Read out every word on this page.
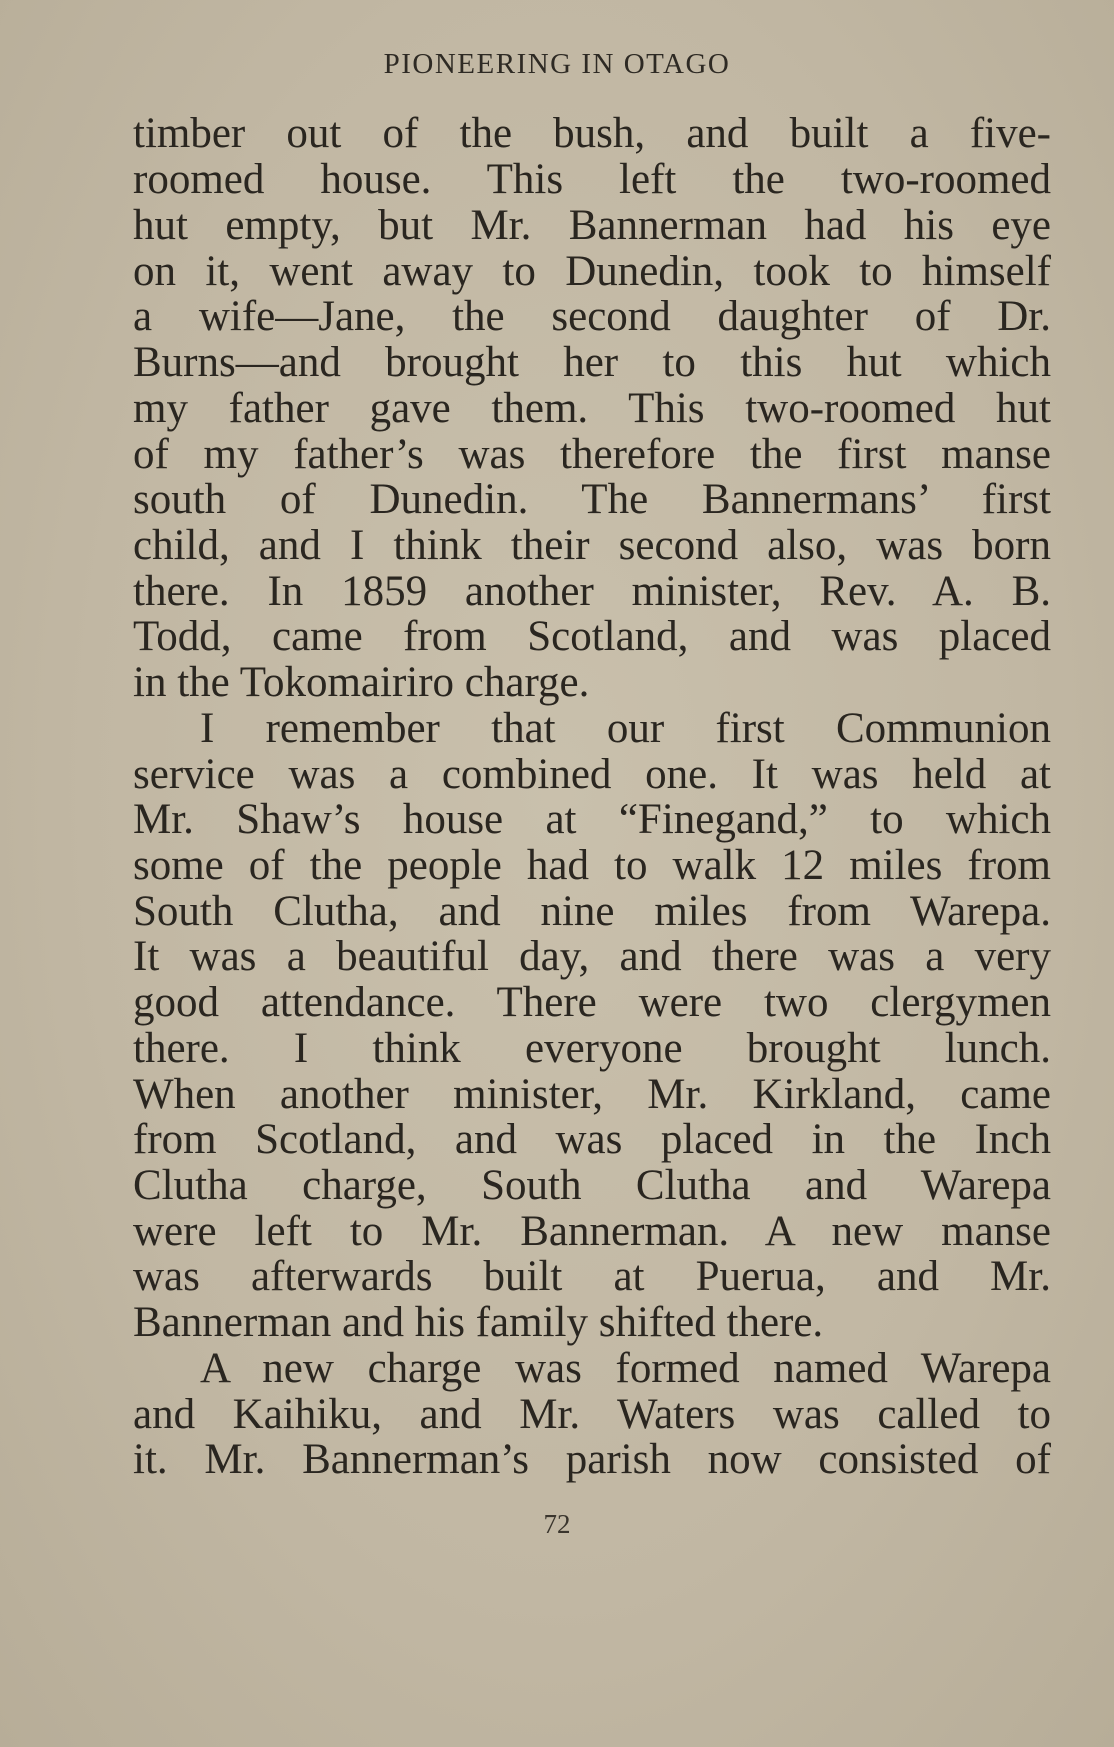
PIONEERING IN OTAGO
timber out of the bush, and built a five-
roomed house. This left the two-roomed
hut empty, but Mr. Bannerman had his eye
on it, went away to Dunedin, took to himself
a wife—Jane, the second daughter of Dr.
Burns—and brought her to this hut which
my father gave them. This two-roomed hut
of my father’s was therefore the first manse
south of Dunedin. The Bannermans’ first
child, and I think their second also, was born
there. In 1859 another minister, Rev. A. B.
Todd, came from Scotland, and was placed
in the Tokomairiro charge.
I remember that our first Communion
service was a combined one. It was held at
Mr. Shaw’s house at “Finegand,” to which
some of the people had to walk 12 miles from
South Clutha, and nine miles from Warepa.
It was a beautiful day, and there was a very
good attendance. There were two clergymen
there. I think everyone brought lunch.
When another minister, Mr. Kirkland, came
from Scotland, and was placed in the Inch
Clutha charge, South Clutha and Warepa
were left to Mr. Bannerman. A new manse
was afterwards built at Puerua, and Mr.
Bannerman and his family shifted there.
A new charge was formed named Warepa
and Kaihiku, and Mr. Waters was called to
it. Mr. Bannerman’s parish now consisted of
72
